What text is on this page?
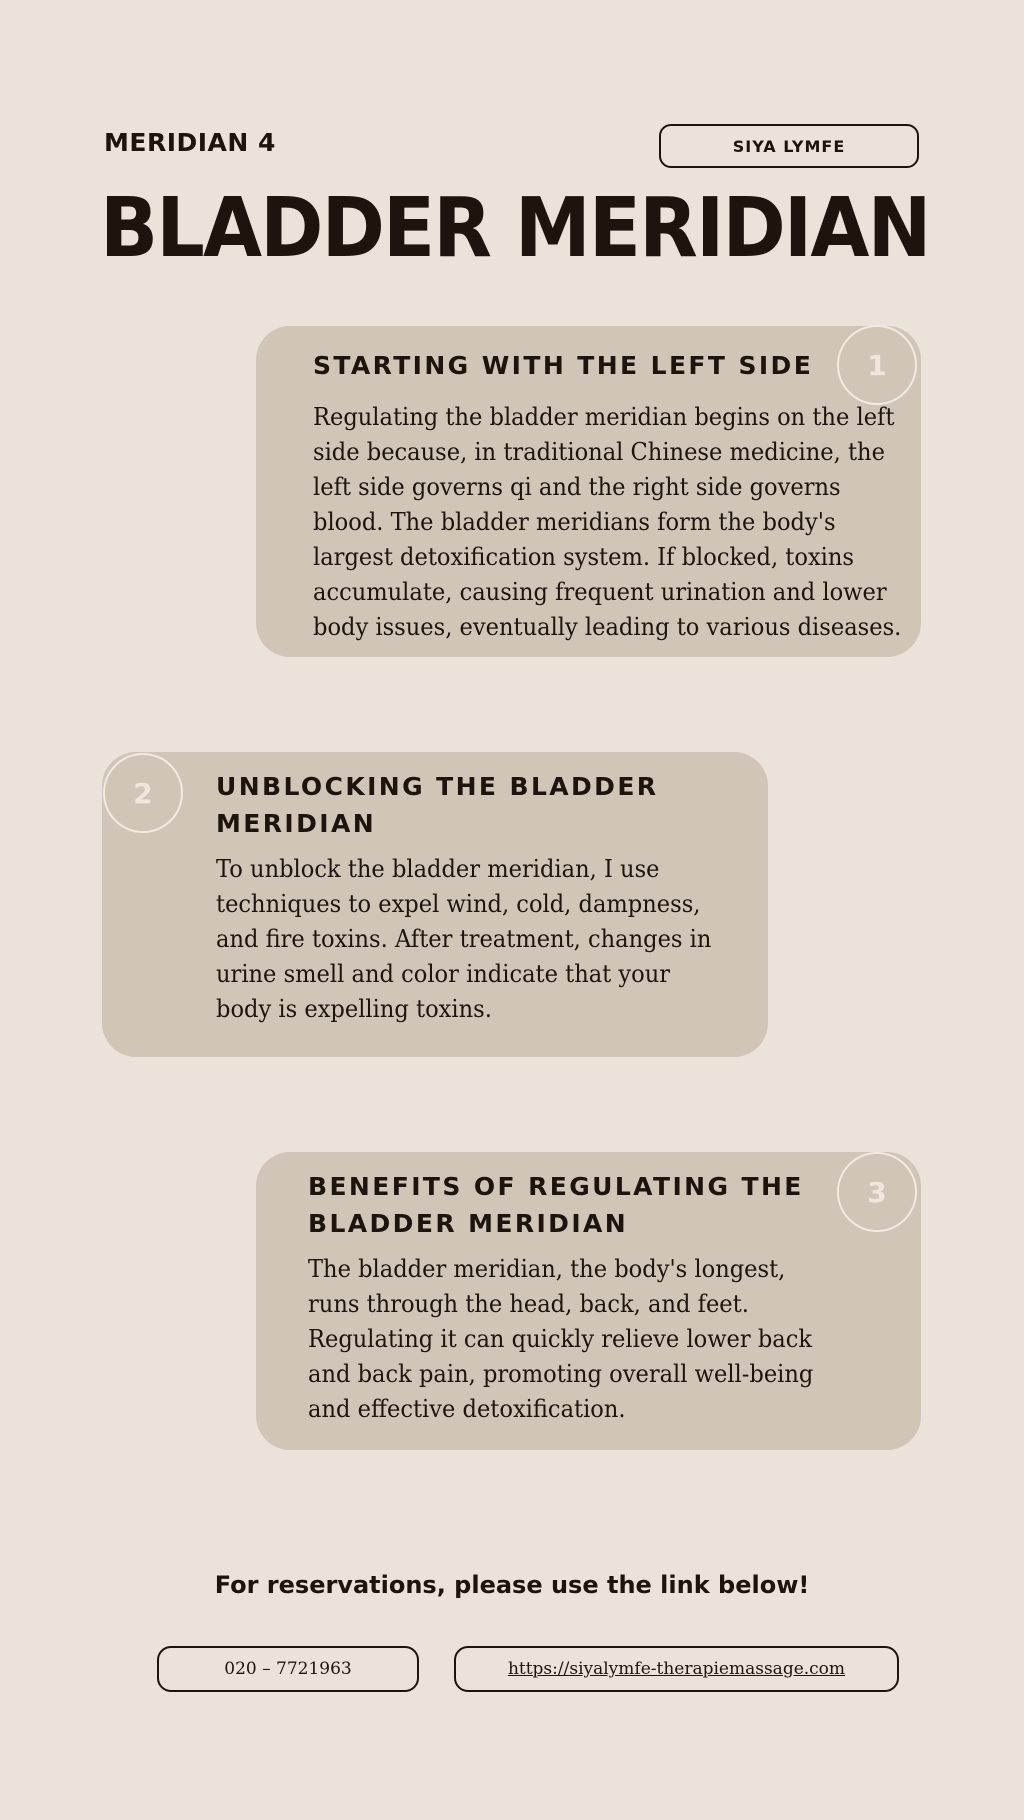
MERIDIAN 4	SIYA LYMFE
BLADDER MERIDIAN
1
STARTING WITH THE LEFT SIDE
Regulating the bladder meridian begins on the left side because, in traditional Chinese medicine, the left side governs qi and the right side governs blood. The bladder meridians form the body's largest detoxification system. If blocked, toxins accumulate, causing frequent urination and lower body issues, eventually leading to various diseases.
2	UNBLOCKING THE BLADDER MERIDIAN
To unblock the bladder meridian, I use techniques to expel wind, cold, dampness, and fire toxins. After treatment, changes in urine smell and color indicate that your body is expelling toxins.
3
BENEFITS OF REGULATING THE BLADDER MERIDIAN
The bladder meridian, the body's longest, runs through the head, back, and feet. Regulating it can quickly relieve lower back and back pain, promoting overall well-being and effective detoxification.
For reservations, please use the link below!
020 – 7721963	https://siyalymfe-therapiemassage.com
